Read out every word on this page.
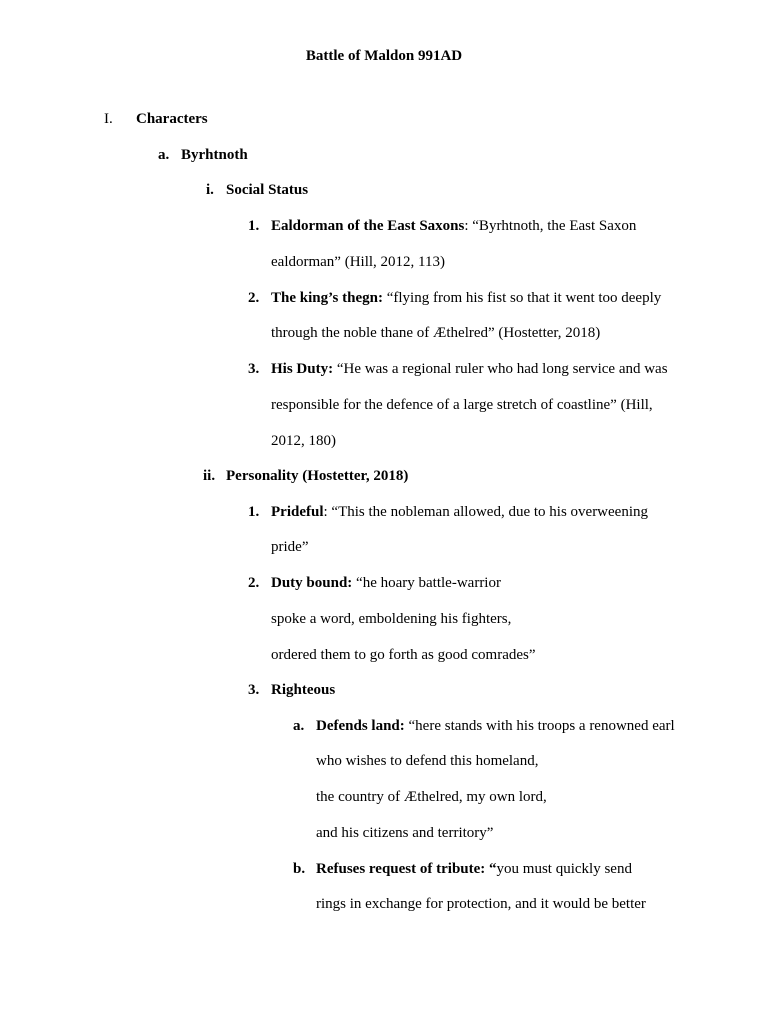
Battle of Maldon 991AD
I. Characters
a. Byrhtnoth
i. Social Status
1. Ealdorman of the East Saxons: “Byrhtnoth, the East Saxon
ealdorman” (Hill, 2012, 113)
2. The king’s thegn: “flying from his fist so that it went too deeply
through the noble thane of Æthelred” (Hostetter, 2018)
3. His Duty: “He was a regional ruler who had long service and was
responsible for the defence of a large stretch of coastline” (Hill,
2012, 180)
ii. Personality (Hostetter, 2018)
1. Prideful: “This the nobleman allowed, due to his overweening
pride”
2. Duty bound: “he hoary battle-warrior
spoke a word, emboldening his fighters,
ordered them to go forth as good comrades”
3. Righteous
a. Defends land: “here stands with his troops a renowned earl
who wishes to defend this homeland,
the country of Æthelred, my own lord,
and his citizens and territory”
b. Refuses request of tribute: “you must quickly send
rings in exchange for protection, and it would be better
